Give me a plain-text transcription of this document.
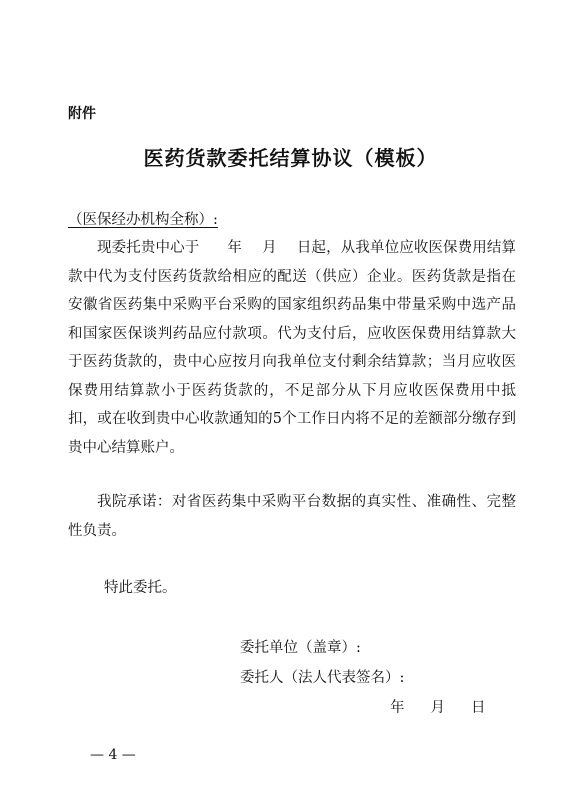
附件
医药货款委托结算协议（模板）
（医保经办机构全称）:

现委托贵中心于 年 月 日起，从我单位应收医保费用结算款中代为支付医药货款给相应的配送（供应）企业。医药货款是指在安徽省医药集中采购平台采购的国家组织药品集中带量采购中选产品和国家医保谈判药品应付款项。代为支付后，应收医保费用结算款大于医药货款的，贵中心应按月向我单位支付剩余结算款；当月应收医保费用结算款小于医药货款的，不足部分从下月应收医保费用中抵扣，或在收到贵中心收款通知的5个工作日内将不足的差额部分缴存到贵中心结算账户。

我院承诺：对省医药集中采购平台数据的真实性、准确性、完整性负责。

特此委托。
委托单位（盖章）:
委托人（法人代表签名）:
年 月 日
— 4 —
